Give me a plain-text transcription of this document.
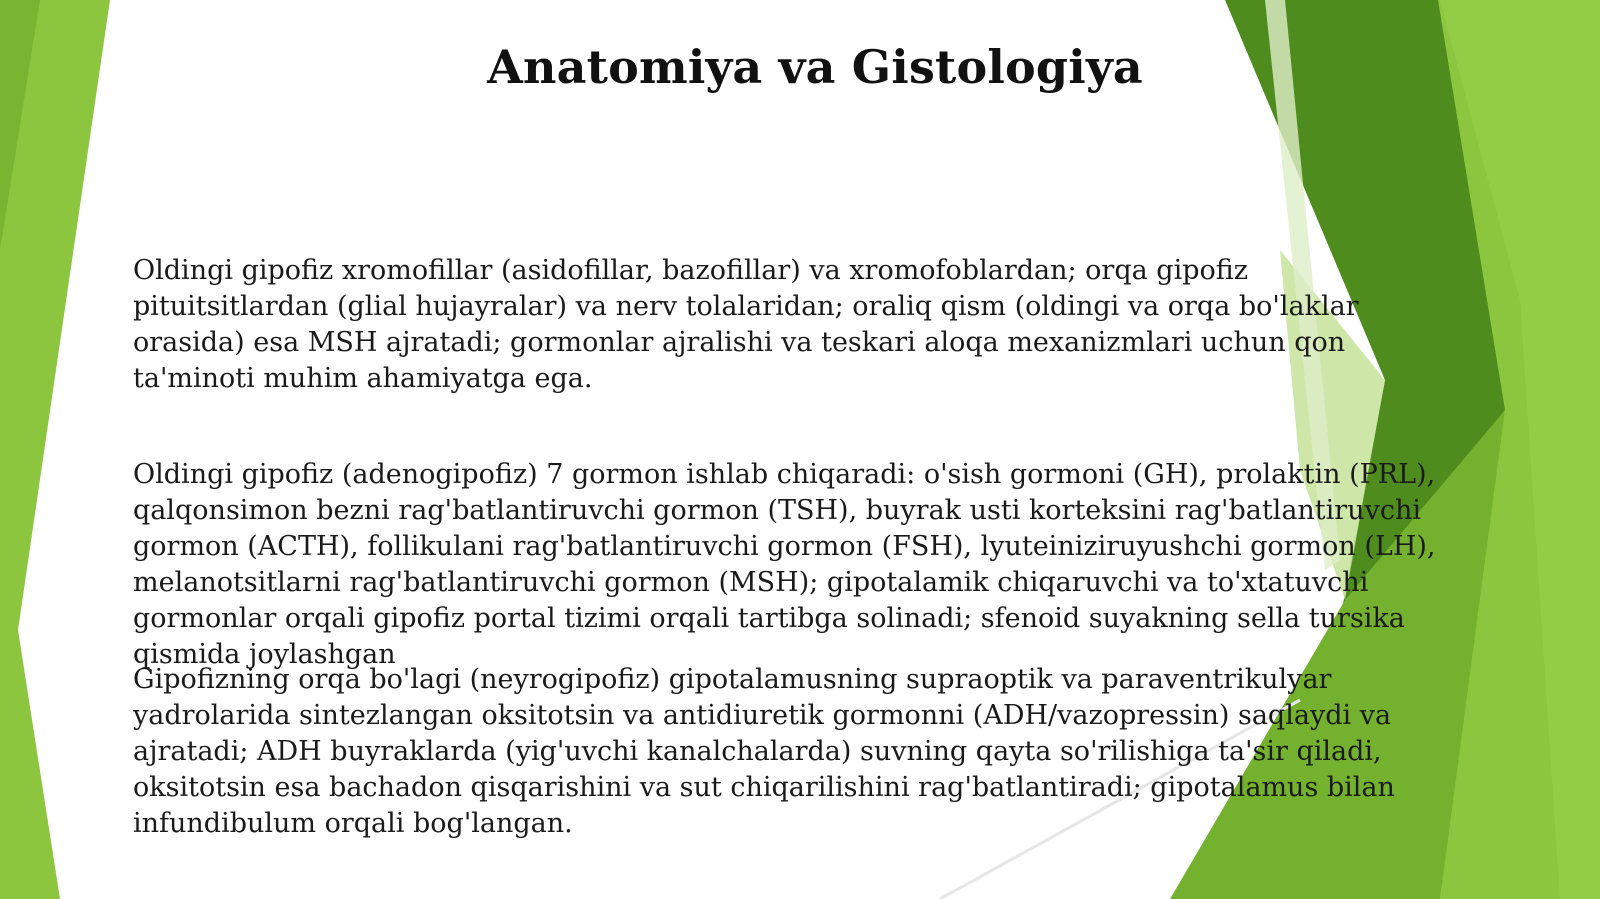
Anatomiya va Gistologiya

Oldingi gipofiz xromofillar (asidofillar, bazofillar) va xromofoblardan; orqa gipofiz
pituitsitlardan (glial hujayralar) va nerv tolalaridan; oraliq qism (oldingi va orqa bo'laklar
orasida) esa MSH ajratadi; gormonlar ajralishi va teskari aloqa mexanizmlari uchun qon
ta'minoti muhim ahamiyatga ega.

Oldingi gipofiz (adenogipofiz) 7 gormon ishlab chiqaradi: o'sish gormoni (GH), prolaktin (PRL),
qalqonsimon bezni rag'batlantiruvchi gormon (TSH), buyrak usti korteksini rag'batlantiruvchi
gormon (ACTH), follikulani rag'batlantiruvchi gormon (FSH), lyuteiniziruyushchi gormon (LH),
melanotsitlarni rag'batlantiruvchi gormon (MSH); gipotalamik chiqaruvchi va to'xtatuvchi
gormonlar orqali gipofiz portal tizimi orqali tartibga solinadi; sfenoid suyakning sella tursika
qismida joylashgan

Gipofizning orqa bo'lagi (neyrogipofiz) gipotalamusning supraoptik va paraventrikulyar
yadrolarida sintezlangan oksitotsin va antidiuretik gormonni (ADH/vazopressin) saqlaydi va
ajratadi; ADH buyraklarda (yig'uvchi kanalchalarda) suvning qayta so'rilishiga ta'sir qiladi,
oksitotsin esa bachadon qisqarishini va sut chiqarilishini rag'batlantiradi; gipotalamus bilan
infundibulum orqali bog'langan.
